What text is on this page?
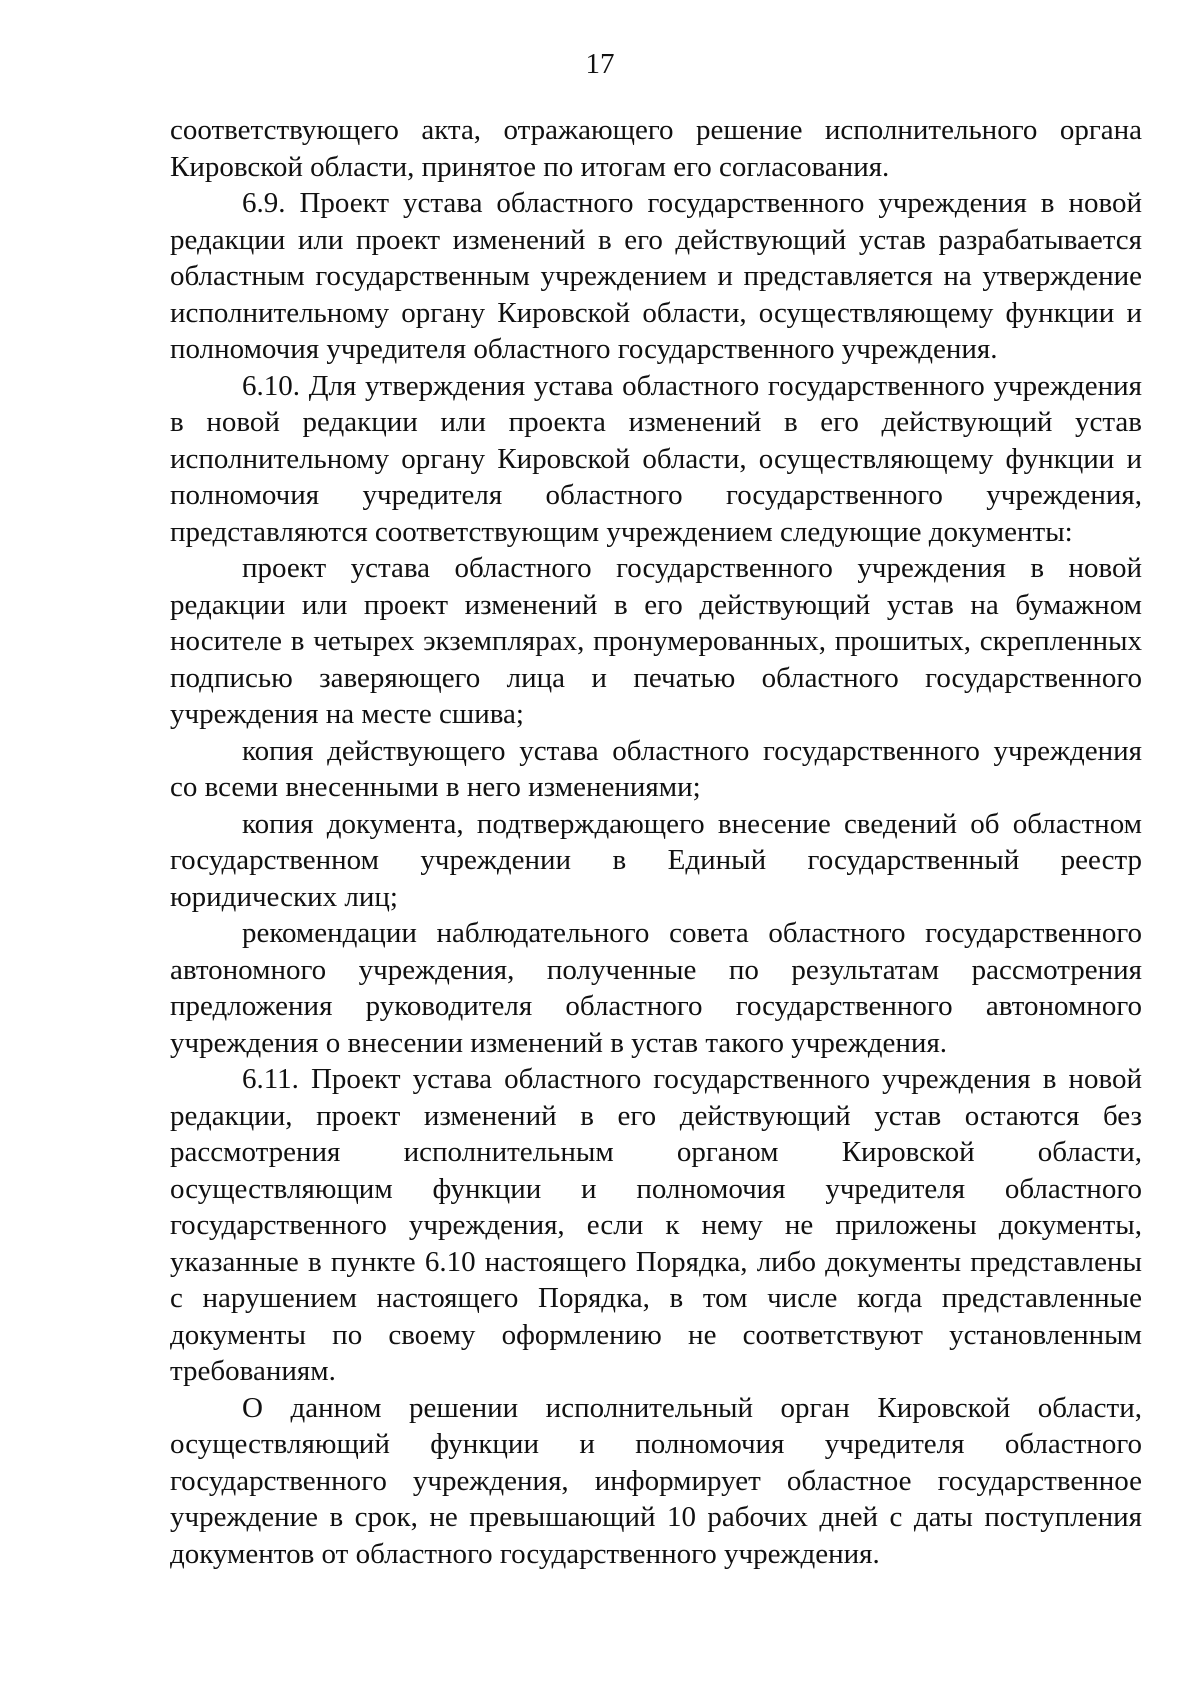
17

соответствующего акта, отражающего решение исполнительного органа Кировской области, принятое по итогам его согласования.

6.9. Проект устава областного государственного учреждения в новой редакции или проект изменений в его действующий устав разрабатывается областным государственным учреждением и представляется на утверждение исполнительному органу Кировской области, осуществляющему функции и полномочия учредителя областного государственного учреждения.

6.10. Для утверждения устава областного государственного учреждения в новой редакции или проекта изменений в его действующий устав исполнительному органу Кировской области, осуществляющему функции и полномочия учредителя областного государственного учреждения, представляются соответствующим учреждением следующие документы:

проект устава областного государственного учреждения в новой редакции или проект изменений в его действующий устав на бумажном носителе в четырех экземплярах, пронумерованных, прошитых, скрепленных подписью заверяющего лица и печатью областного государственного учреждения на месте сшива;

копия действующего устава областного государственного учреждения со всеми внесенными в него изменениями;

копия документа, подтверждающего внесение сведений об областном государственном учреждении в Единый государственный реестр юридических лиц;

рекомендации наблюдательного совета областного государственного автономного учреждения, полученные по результатам рассмотрения предложения руководителя областного государственного автономного учреждения о внесении изменений в устав такого учреждения.

6.11. Проект устава областного государственного учреждения в новой редакции, проект изменений в его действующий устав остаются без рассмотрения исполнительным органом Кировской области, осуществляющим функции и полномочия учредителя областного государственного учреждения, если к нему не приложены документы, указанные в пункте 6.10 настоящего Порядка, либо документы представлены с нарушением настоящего Порядка, в том числе когда представленные документы по своему оформлению не соответствуют установленным требованиям.

О данном решении исполнительный орган Кировской области, осуществляющий функции и полномочия учредителя областного государственного учреждения, информирует областное государственное учреждение в срок, не превышающий 10 рабочих дней с даты поступления документов от областного государственного учреждения.
